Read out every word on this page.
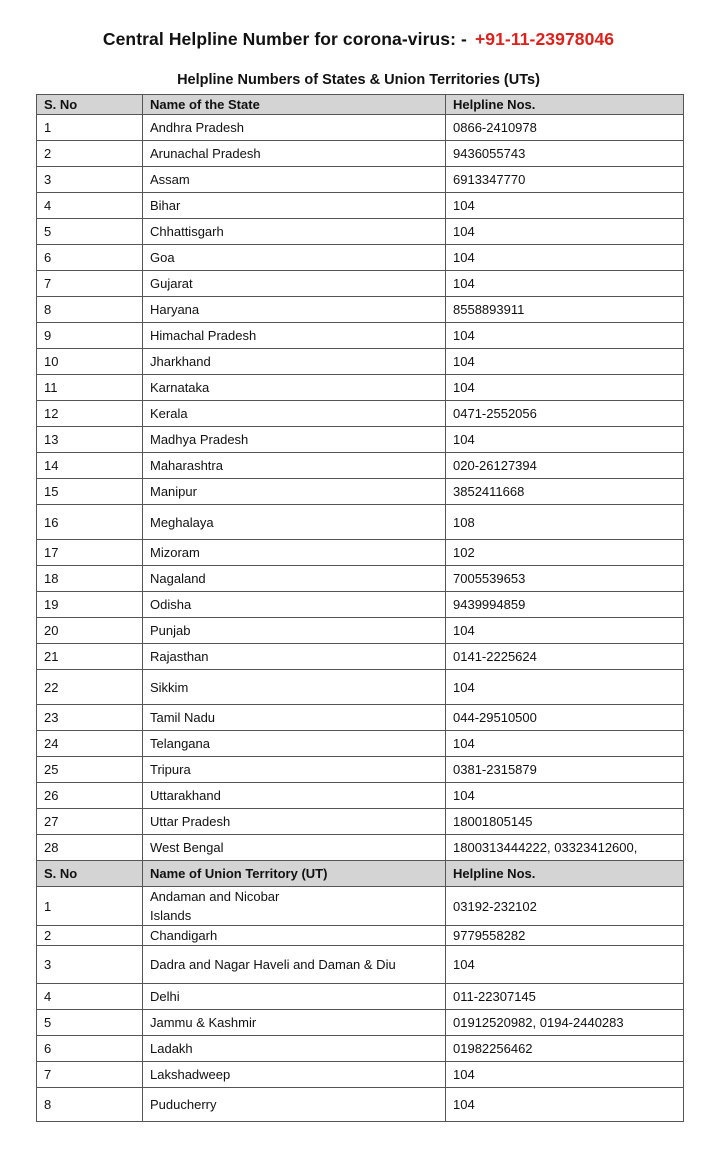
Central Helpline Number for corona-virus: - +91-11-23978046
Helpline Numbers of States & Union Territories (UTs)
S. No	Name of the State	Helpline Nos.
1	Andhra Pradesh	0866-2410978
2	Arunachal Pradesh	9436055743
3	Assam	6913347770
4	Bihar	104
5	Chhattisgarh	104
6	Goa	104
7	Gujarat	104
8	Haryana	8558893911
9	Himachal Pradesh	104
10	Jharkhand	104
11	Karnataka	104
12	Kerala	0471-2552056
13	Madhya Pradesh	104
14	Maharashtra	020-26127394
15	Manipur	3852411668
16	Meghalaya	108
17	Mizoram	102
18	Nagaland	7005539653
19	Odisha	9439994859
20	Punjab	104
21	Rajasthan	0141-2225624
22	Sikkim	104
23	Tamil Nadu	044-29510500
24	Telangana	104
25	Tripura	0381-2315879
26	Uttarakhand	104
27	Uttar Pradesh	18001805145
28	West Bengal	1800313444222, 03323412600,
S. No	Name of Union Territory (UT)	Helpline Nos.
1	Andaman and Nicobar Islands	03192-232102
2	Chandigarh	9779558282
3	Dadra and Nagar Haveli and Daman & Diu	104
4	Delhi	011-22307145
5	Jammu & Kashmir	01912520982, 0194-2440283
6	Ladakh	01982256462
7	Lakshadweep	104
8	Puducherry	104
